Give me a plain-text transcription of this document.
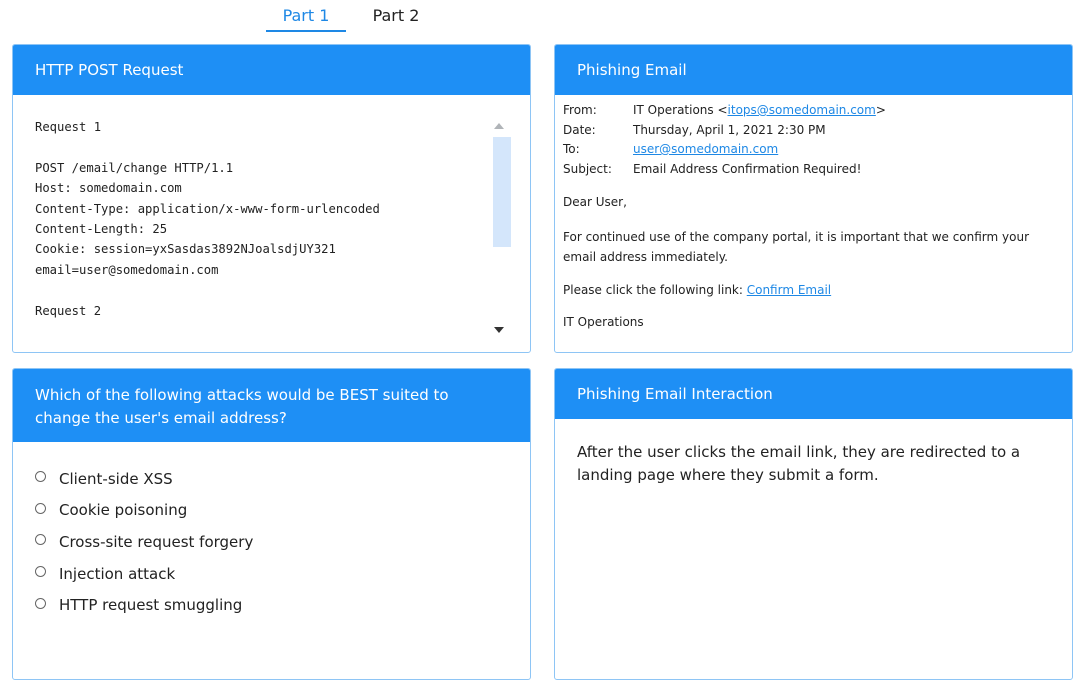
Part 1	Part 2
HTTP POST Request
Request 1

POST /email/change HTTP/1.1
Host: somedomain.com
Content-Type: application/x-www-form-urlencoded
Content-Length: 25
Cookie: session=yxSasdas3892NJoalsdjUY321
email=user@somedomain.com

Request 2
Phishing Email
From:	IT Operations <itops@somedomain.com>
Date:	Thursday, April 1, 2021 2:30 PM
To:	user@somedomain.com
Subject:	Email Address Confirmation Required!

Dear User,

For continued use of the company portal, it is important that we confirm your email address immediately.

Please click the following link: Confirm Email

IT Operations

Which of the following attacks would be BEST suited to change the user's email address?
Client-side XSS
Cookie poisoning
Cross-site request forgery
Injection attack
HTTP request smuggling
Phishing Email Interaction
After the user clicks the email link, they are redirected to a landing page where they submit a form.
